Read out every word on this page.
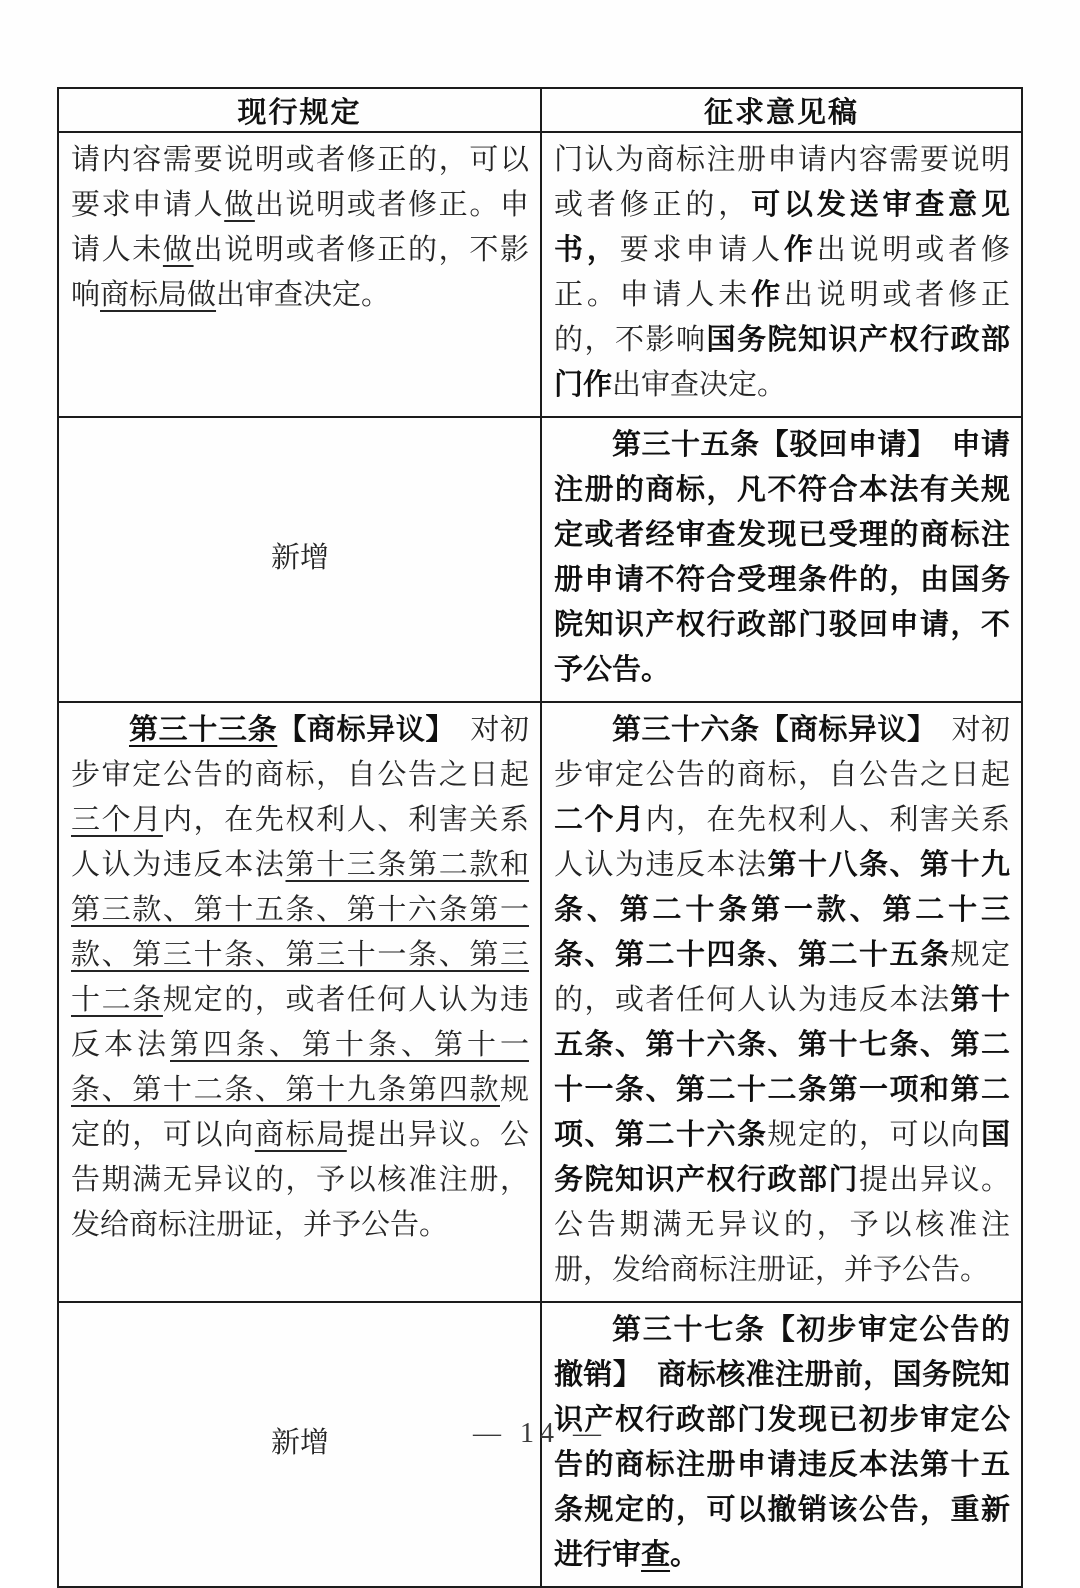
现行规定	征求意见稿

请内容需要说明或者修正的，可以要求申请人做出说明或者修正。申请人未做出说明或者修正的，不影响商标局做出审查决定。

门认为商标注册申请内容需要说明或者修正的，可以发送审查意见书，要求申请人作出说明或者修正。申请人未作出说明或者修正的，不影响国务院知识产权行政部门作出审查决定。

新增

第三十五条【驳回申请】　申请注册的商标，凡不符合本法有关规定或者经审查发现已受理的商标注册申请不符合受理条件的，由国务院知识产权行政部门驳回申请，不予公告。

第三十三条【商标异议】　对初步审定公告的商标，自公告之日起三个月内，在先权利人、利害关系人认为违反本法第十三条第二款和第三款、第十五条、第十六条第一款、第三十条、第三十一条、第三十二条规定的，或者任何人认为违反本法第四条、第十条、第十一条、第十二条、第十九条第四款规定的，可以向商标局提出异议。公告期满无异议的，予以核准注册，发给商标注册证，并予公告。

第三十六条【商标异议】　对初步审定公告的商标，自公告之日起二个月内，在先权利人、利害关系人认为违反本法第十八条、第十九条、第二十条第一款、第二十三条、第二十四条、第二十五条规定的，或者任何人认为违反本法第十五条、第十六条、第十七条、第二十一条、第二十二条第一项和第二项、第二十六条规定的，可以向国务院知识产权行政部门提出异议。公告期满无异议的，予以核准注册，发给商标注册证，并予公告。

新增

第三十七条【初步审定公告的撤销】　商标核准注册前，国务院知识产权行政部门发现已初步审定公告的商标注册申请违反本法第十五条规定的，可以撤销该公告，重新进行审查。

— 14 —
